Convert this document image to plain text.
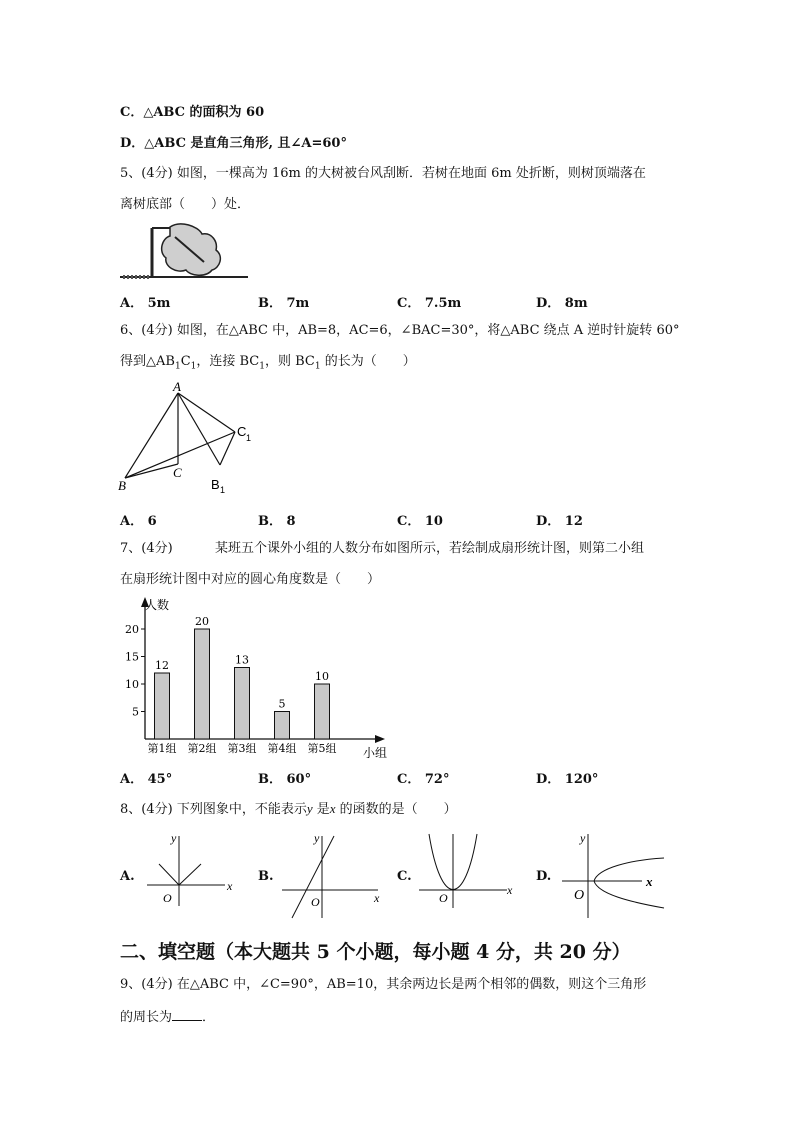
C．△ABC 的面积为 60
D．△ABC 是直角三角形, 且∠A=60°
5、(4分) 如图，一棵高为 16m 的大树被台风刮断．若树在地面 6m 处折断，则树顶端落在
离树底部（　　）处．
A． 5m	B． 7m	C． 7.5m	D． 8m
6、(4分) 如图，在△ABC 中，AB=8，AC=6，∠BAC=30°，将△ABC 绕点 A 逆时针旋转 60°
得到$\triangle AB_1C_1$，连接 $BC_1$，则 $BC_1$ 的长为（　　）
A
B
C
C 1
B 1
A． 6	B． 8	C． 10	D． 12
7、(4分)	某班五个课外小组的人数分布如图所示，若绘制成扇形统计图，则第二小组
在扇形统计图中对应的圆心角度数是（　　）
人数
小组
5
10
15
20
12
第1组
20
第2组
13
第3组
5
第4组
10
第5组
A． 45°	B． 60°	C． 72°	D． 120°
8、(4分) 下列图象中，不能表示y 是x 的函数的是（　　）
A.
y
x
O
B.
y
x
O
C.
x
O
D.
y
x
O
二、填空题（本大题共 5 个小题，每小题 4 分，共 20 分）
9、(4分) 在△ABC 中，∠C=90°，AB=10，其余两边长是两个相邻的偶数，则这个三角形
的周长为 ．
